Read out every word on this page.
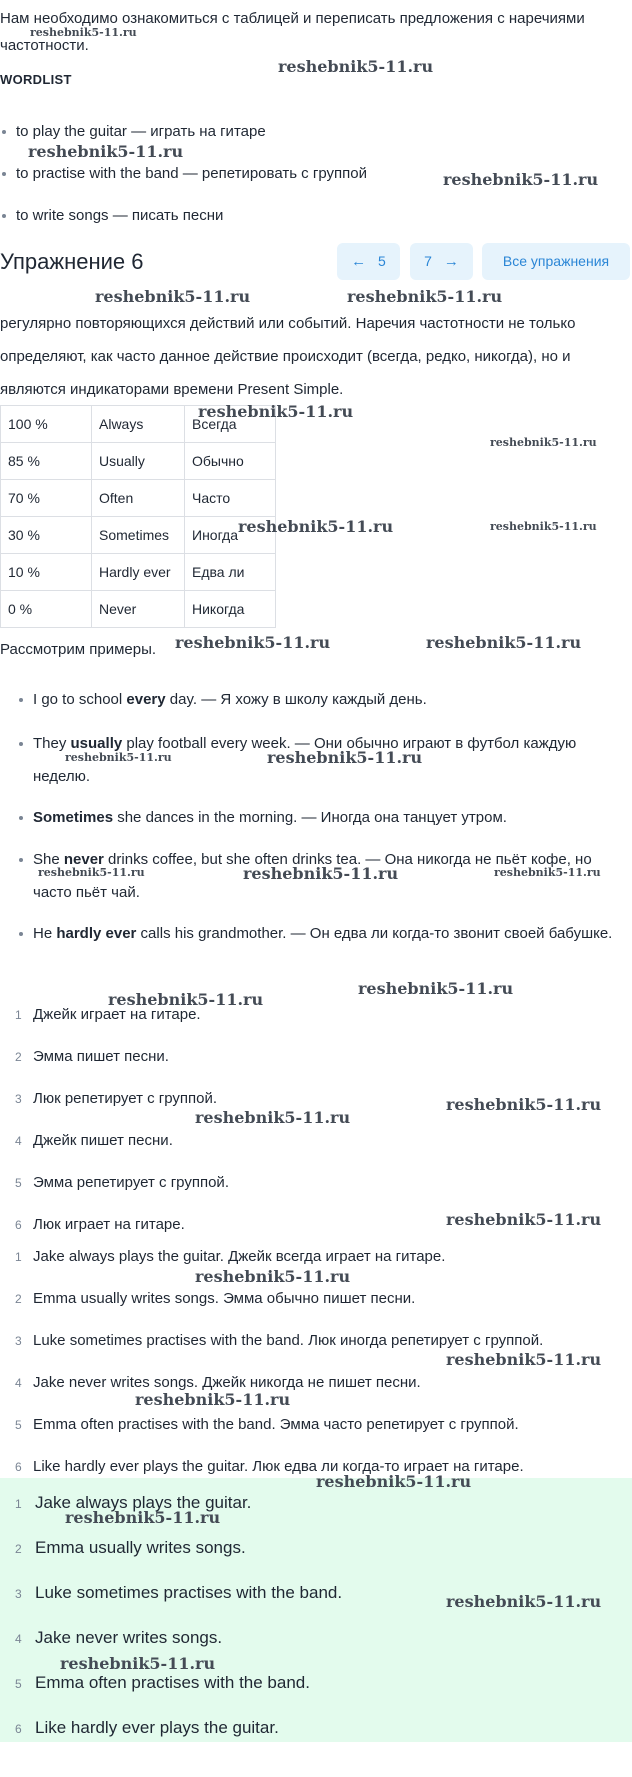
Нам необходимо ознакомиться с таблицей и переписать предложения с наречиями частотности.

WORDLIST

to play the guitar — играть на гитаре

to practise with the band — репетировать с группой

to write songs — писать песни

Упражнение 6	← 5	7 →	Все упражнения

регулярно повторяющихся действий или событий. Наречия частотности не только определяют, как часто данное действие происходит (всегда, редко, никогда), но и являются индикаторами времени Present Simple.

100 %	Always	Всегда
85 %	Usually	Обычно
70 %	Often	Часто
30 %	Sometimes	Иногда
10 %	Hardly ever	Едва ли
0 %	Never	Никогда

Рассмотрим примеры.

I go to school every day. — Я хожу в школу каждый день.

They usually play football every week. — Они обычно играют в футбол каждую неделю.

Sometimes she dances in the morning. — Иногда она танцует утром.

She never drinks coffee, but she often drinks tea. — Она никогда не пьёт кофе, но часто пьёт чай.

He hardly ever calls his grandmother. — Он едва ли когда-то звонит своей бабушке.

1 Джейк играет на гитаре.
2 Эмма пишет песни.
3 Люк репетирует с группой.
4 Джейк пишет песни.
5 Эмма репетирует с группой.
6 Люк играет на гитаре.
1 Jake always plays the guitar. Джейк всегда играет на гитаре.
2 Emma usually writes songs. Эмма обычно пишет песни.
3 Luke sometimes practises with the band. Люк иногда репетирует с группой.
4 Jake never writes songs. Джейк никогда не пишет песни.
5 Emma often practises with the band. Эмма часто репетирует с группой.
6 Like hardly ever plays the guitar. Люк едва ли когда-то играет на гитаре.
1 Jake always plays the guitar.
2 Emma usually writes songs.
3 Luke sometimes practises with the band.
4 Jake never writes songs.
5 Emma often practises with the band.
6 Like hardly ever plays the guitar.
reshebnik5-11.ru
reshebnik5-11.ru
reshebnik5-11.ru
reshebnik5-11.ru
reshebnik5-11.ru	reshebnik5-11.ru
reshebnik5-11.ru
reshebnik5-11.ru
reshebnik5-11.ru	reshebnik5-11.ru
reshebnik5-11.ru	reshebnik5-11.ru
reshebnik5-11.ru	reshebnik5-11.ru
reshebnik5-11.ru	reshebnik5-11.ru	reshebnik5-11.ru
reshebnik5-11.ru
reshebnik5-11.ru
reshebnik5-11.ru
reshebnik5-11.ru
reshebnik5-11.ru
reshebnik5-11.ru
reshebnik5-11.ru
reshebnik5-11.ru
reshebnik5-11.ru
reshebnik5-11.ru
reshebnik5-11.ru
reshebnik5-11.ru
